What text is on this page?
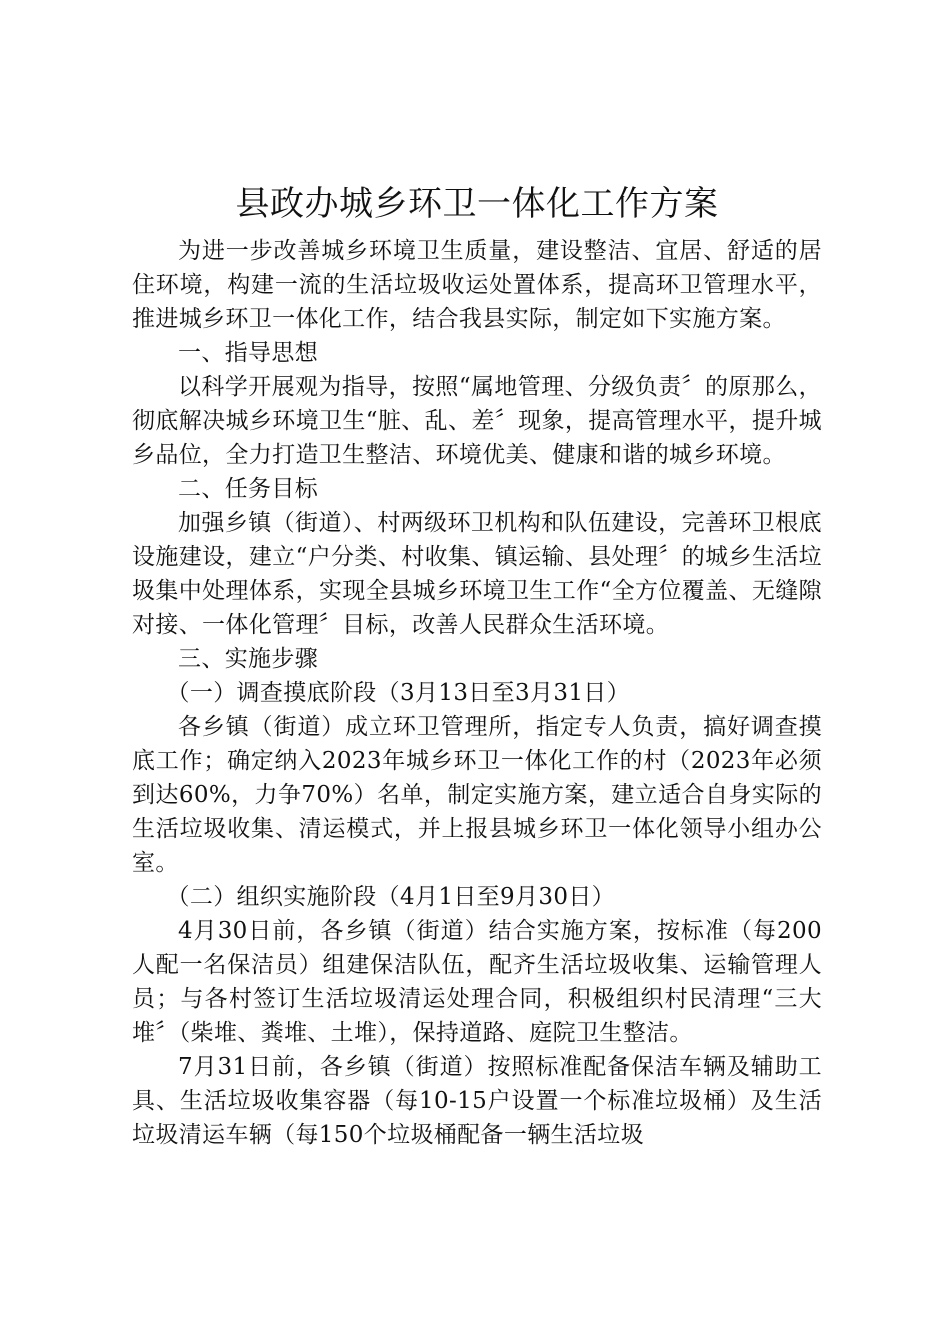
县政办城乡环卫一体化工作方案

为进一步改善城乡环境卫生质量，建设整洁、宜居、舒适的居住环境，构建一流的生活垃圾收运处置体系，提高环卫管理水平，推进城乡环卫一体化工作，结合我县实际，制定如下实施方案。

一、指导思想

以科学开展观为指导，按照“属地管理、分级负责〞的原那么，彻底解决城乡环境卫生“脏、乱、差〞现象，提高管理水平，提升城乡品位，全力打造卫生整洁、环境优美、健康和谐的城乡环境。

二、任务目标

加强乡镇（街道）、村两级环卫机构和队伍建设，完善环卫根底设施建设，建立“户分类、村收集、镇运输、县处理〞的城乡生活垃圾集中处理体系，实现全县城乡环境卫生工作“全方位覆盖、无缝隙对接、一体化管理〞目标，改善人民群众生活环境。

三、实施步骤

（一）调查摸底阶段（3月13日至3月31日）

各乡镇（街道）成立环卫管理所，指定专人负责，搞好调查摸底工作；确定纳入2023年城乡环卫一体化工作的村（2023年必须到达60%，力争70%）名单，制定实施方案，建立适合自身实际的生活垃圾收集、清运模式，并上报县城乡环卫一体化领导小组办公室。

（二）组织实施阶段（4月1日至9月30日）

4月30日前，各乡镇（街道）结合实施方案，按标准（每200人配一名保洁员）组建保洁队伍，配齐生活垃圾收集、运输管理人员；与各村签订生活垃圾清运处理合同，积极组织村民清理“三大堆〞（柴堆、粪堆、土堆），保持道路、庭院卫生整洁。

7月31日前，各乡镇（街道）按照标准配备保洁车辆及辅助工具、生活垃圾收集容器（每10-15户设置一个标准垃圾桶）及生活垃圾清运车辆（每150个垃圾桶配备一辆生活垃圾
